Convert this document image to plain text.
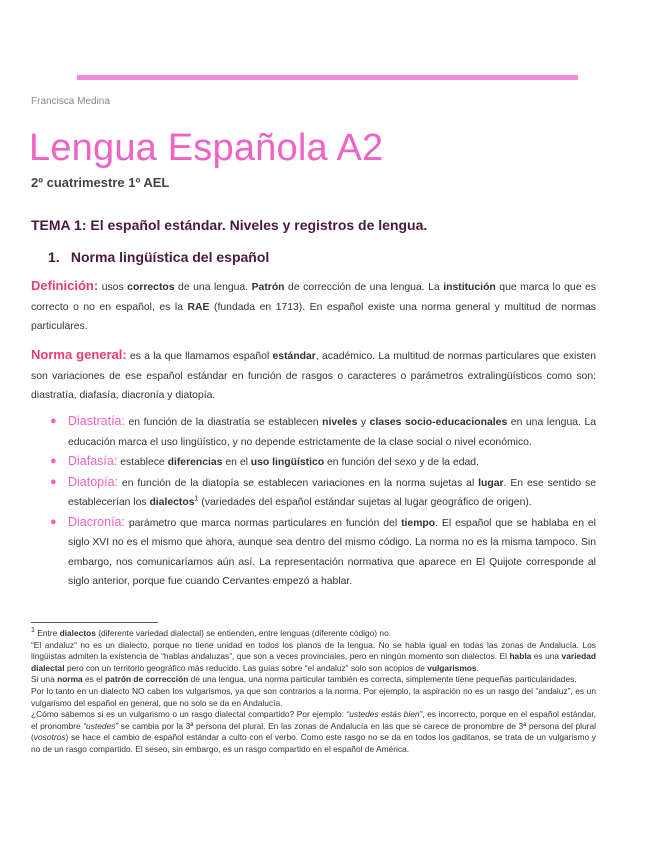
Francisca Medina
Lengua Española A2
2º cuatrimestre 1º AEL
TEMA 1: El español estándar. Niveles y registros de lengua.
1. Norma lingüística del español
Definición: usos correctos de una lengua. Patrón de corrección de una lengua. La institución que marca lo que es correcto o no en español, es la RAE (fundada en 1713). En español existe una norma general y multitud de normas particulares.
Norma general: es a la que llamamos español estándar, académico. La multitud de normas particulares que existen son variaciones de ese español estándar en función de rasgos o caracteres o parámetros extralingüísticos como son: diastratía, diafasía, diacronía y diatopía.
● Diastratía: en función de la diastratía se establecen niveles y clases socio-educacionales en una lengua. La educación marca el uso lingüístico, y no depende estrictamente de la clase social o nivel económico.
● Diafasía: establece diferencias en el uso lingüístico en función del sexo y de la edad.
● Diatopía: en función de la diatopía se establecen variaciones en la norma sujetas al lugar. En ese sentido se establecerían los dialectos$^1$ (variedades del español estándar sujetas al lugar geográfico de origen).
● Diacronía: parámetro que marca normas particulares en función del tiempo. El español que se hablaba en el siglo XVI no es el mismo que ahora, aunque sea dentro del mismo código. La norma no es la misma tampoco. Sin embargo, nos comunicaríamos aún así. La representación normativa que aparece en El Quijote corresponde al siglo anterior, porque fue cuando Cervantes empezó a hablar.

$^1$ Entre dialectos (diferente variedad dialectal) se entienden, entre lenguas (diferente código) no.

“El andaluz” no es un dialecto, porque no tiene unidad en todos los planos de la lengua. No se habla igual en todas las zonas de Andalucía. Los lingüistas admiten la existencia de “hablas andaluzas”, que son a veces provinciales, pero en ningún momento son dialectos. El habla es una variedad dialectal pero con un territorio geográfico más reducido. Las guías sobre “el andaluz” solo son acopios de vulgarismos.

Si una norma es el patrón de corrección de una lengua, una norma particular también es correcta, simplemente tiene pequeñas particularidades.

Por lo tanto en un dialecto NO caben los vulgarismos, ya que son contrarios a la norma. Por ejemplo, la aspiración no es un rasgo del “andaluz”, es un vulgarismo del español en general, que no solo se da en Andalucía.

¿Cómo sabemos si es un vulgarismo o un rasgo dialectal compartido? Por ejemplo: “ustedes estás bien”, es incorrecto, porque en el español estándar, el pronombre “ustedes” se cambia por la 3ª persona del plural. En las zonas de Andalucía en las que se carece de pronombre de 3ª persona del plural (vosotros) se hace el cambio de español estándar a culto con el verbo. Como este rasgo no se da en todos los gaditanos, se trata de un vulgarismo y no de un rasgo compartido. El seseo, sin embargo, es un rasgo compartido en el español de América.
